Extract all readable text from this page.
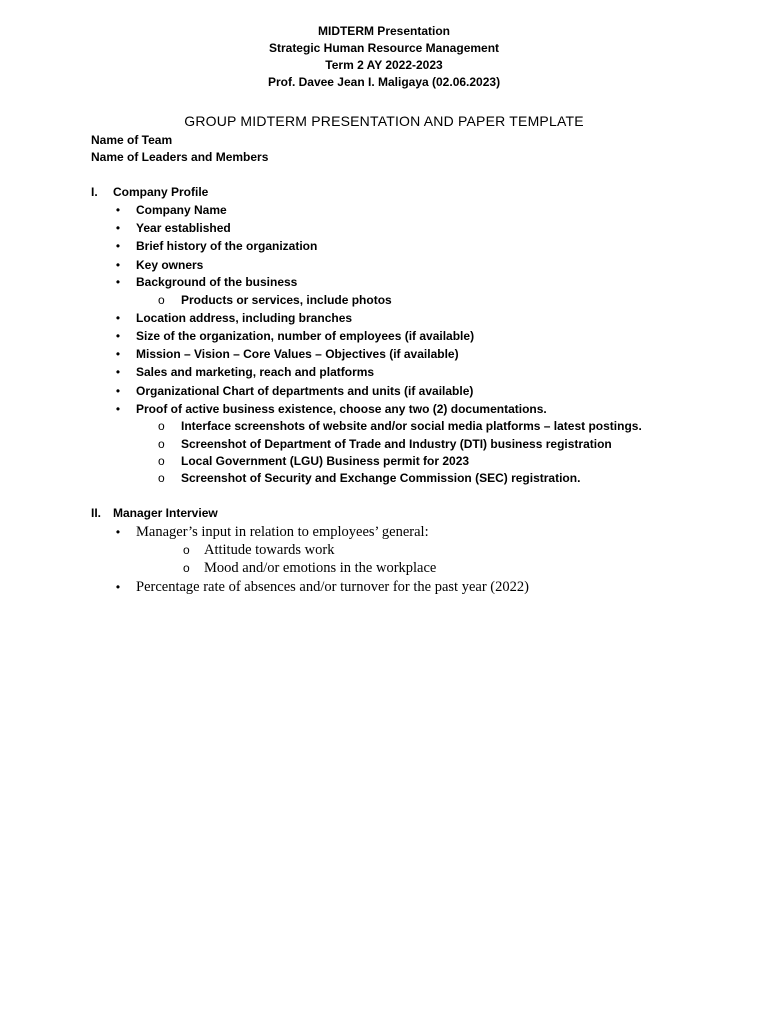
MIDTERM Presentation
Strategic Human Resource Management
Term 2 AY 2022-2023
Prof. Davee Jean I. Maligaya (02.06.2023)
GROUP MIDTERM PRESENTATION AND PAPER TEMPLATE
Name of Team
Name of Leaders and Members
I. Company Profile
• Company Name
• Year established
• Brief history of the organization
• Key owners
• Background of the business
o Products or services, include photos
• Location address, including branches
• Size of the organization, number of employees (if available)
• Mission – Vision – Core Values – Objectives (if available)
• Sales and marketing, reach and platforms
• Organizational Chart of departments and units (if available)
• Proof of active business existence, choose any two (2) documentations.
o Interface screenshots of website and/or social media platforms – latest postings.
o Screenshot of Department of Trade and Industry (DTI) business registration
o Local Government (LGU) Business permit for 2023
o Screenshot of Security and Exchange Commission (SEC) registration.
II. Manager Interview
• Manager’s input in relation to employees’ general:
o Attitude towards work
o Mood and/or emotions in the workplace
• Percentage rate of absences and/or turnover for the past year (2022)
